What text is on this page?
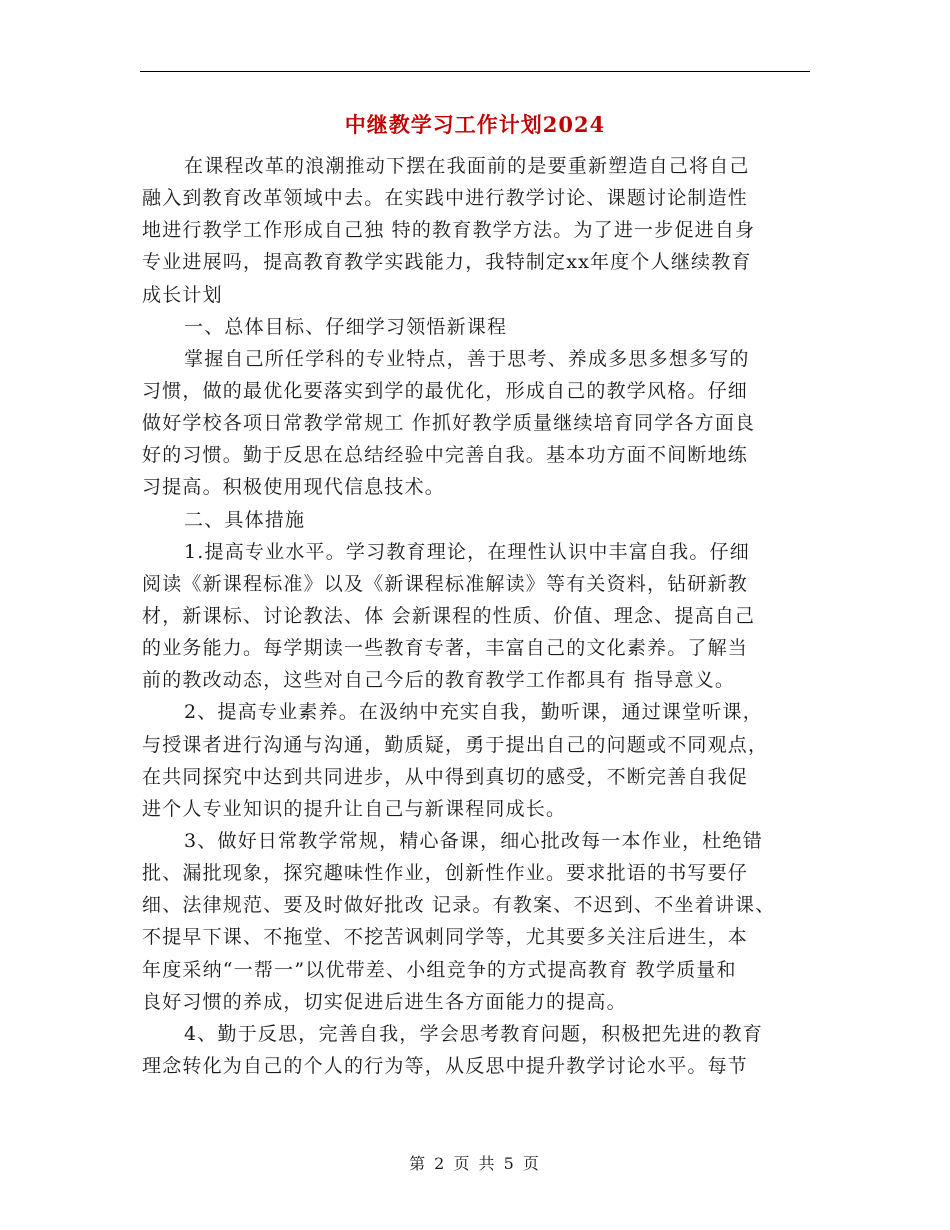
中继教学习工作计划2024
在课程改革的浪潮推动下摆在我面前的是要重新塑造自己将自己
融入到教育改革领域中去。在实践中进行教学讨论、课题讨论制造性
地进行教学工作形成自己独 特的教育教学方法。为了进一步促进自身
专业进展吗，提高教育教学实践能力，我特制定xx年度个人继续教育
成长计划
一、总体目标、仔细学习领悟新课程
掌握自己所任学科的专业特点，善于思考、养成多思多想多写的
习惯，做的最优化要落实到学的最优化，形成自己的教学风格。仔细
做好学校各项日常教学常规工 作抓好教学质量继续培育同学各方面良
好的习惯。勤于反思在总结经验中完善自我。基本功方面不间断地练
习提高。积极使用现代信息技术。
二、具体措施
1.提高专业水平。学习教育理论，在理性认识中丰富自我。仔细
阅读《新课程标准》以及《新课程标准解读》等有关资料，钻研新教
材，新课标、讨论教法、体 会新课程的性质、价值、理念、提高自己
的业务能力。每学期读一些教育专著，丰富自己的文化素养。了解当
前的教改动态，这些对自己今后的教育教学工作都具有 指导意义。
2、提高专业素养。在汲纳中充实自我，勤听课，通过课堂听课，
与授课者进行沟通与沟通，勤质疑，勇于提出自己的问题或不同观点，
在共同探究中达到共同进步，从中得到真切的感受，不断完善自我促
进个人专业知识的提升让自己与新课程同成长。
3、做好日常教学常规，精心备课，细心批改每一本作业，杜绝错
批、漏批现象，探究趣味性作业，创新性作业。要求批语的书写要仔
细、法律规范、要及时做好批改 记录。有教案、不迟到、不坐着讲课、
不提早下课、不拖堂、不挖苦讽刺同学等，尤其要多关注后进生，本
年度采纳“一帮一”以优带差、小组竞争的方式提高教育 教学质量和
良好习惯的养成，切实促进后进生各方面能力的提高。
4、勤于反思，完善自我，学会思考教育问题，积极把先进的教育
理念转化为自己的个人的行为等，从反思中提升教学讨论水平。每节
第 2 页 共 5 页
